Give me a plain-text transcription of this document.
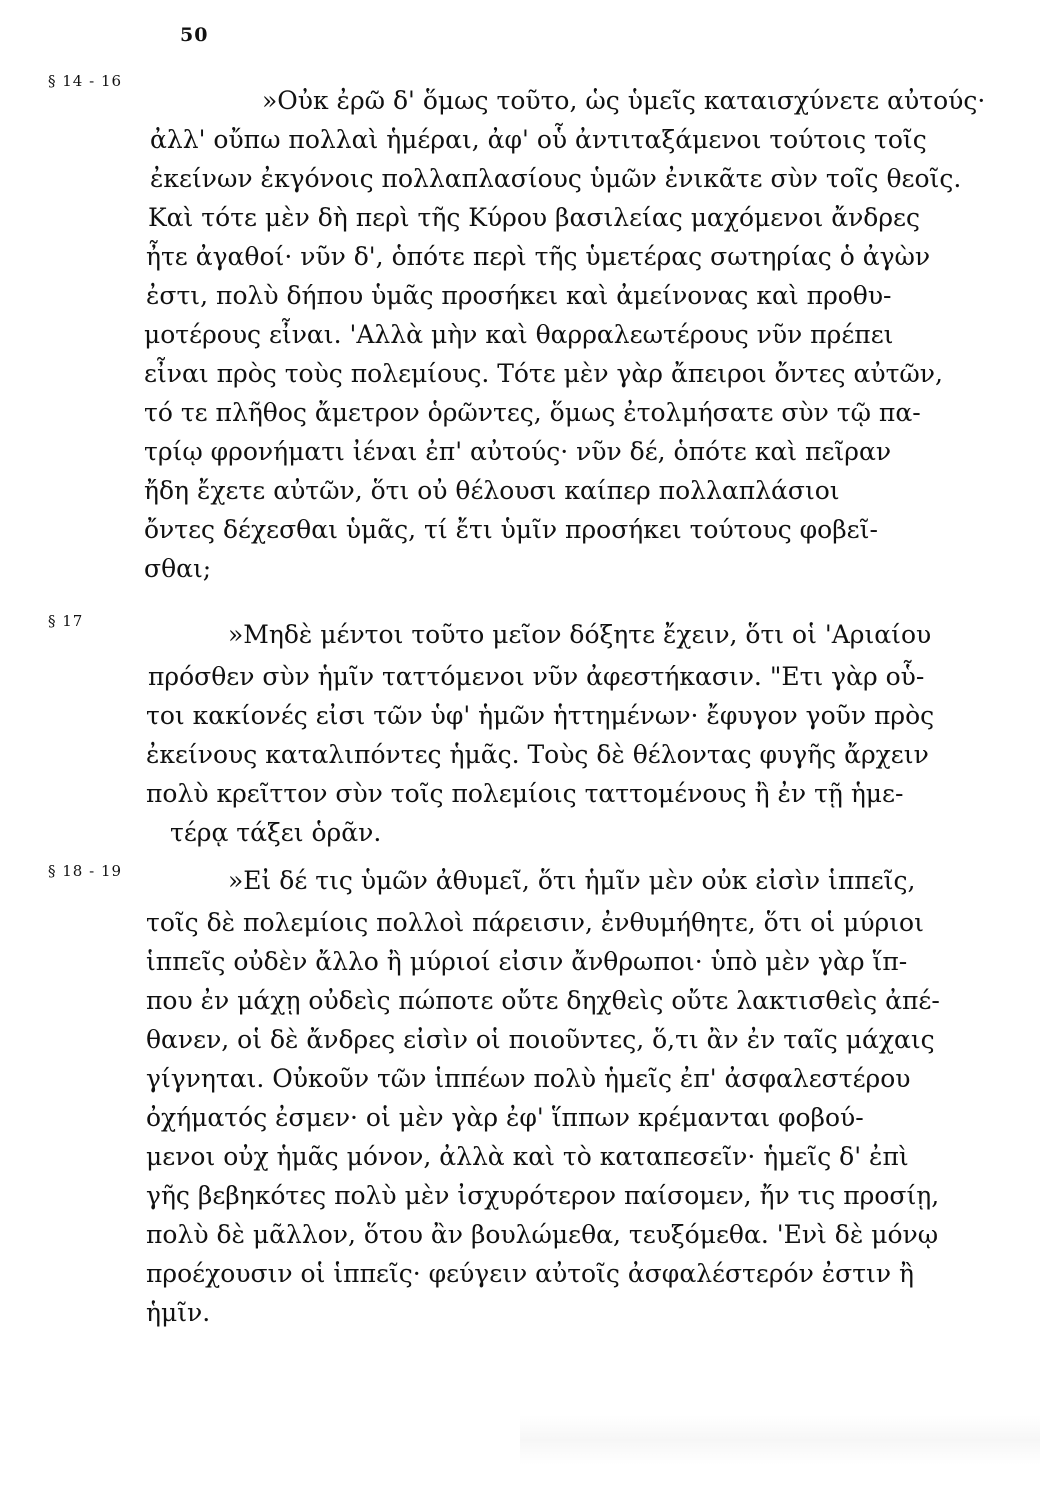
50
§ 14 - 16
»Οὐκ ἐρῶ δ' ὅμως τοῦτο, ὡς ὑμεῖς καταισχύνετε αὐτούς·
ἀλλ' οὔπω πολλαὶ ἡμέραι, ἀφ' οὗ ἀντιταξάμενοι τούτοις τοῖς
ἐκείνων ἐκγόνοις πολλαπλασίους ὑμῶν ἐνικᾶτε σὺν τοῖς θεοῖς.
Καὶ τότε μὲν δὴ περὶ τῆς Κύρου βασιλείας μαχόμενοι ἄνδρες
ἦτε ἀγαθοί· νῦν δ', ὁπότε περὶ τῆς ὑμετέρας σωτηρίας ὁ ἀγὼν
ἐστι, πολὺ δήπου ὑμᾶς προσήκει καὶ ἀμείνονας καὶ προθυ-
μοτέρους εἶναι. 'Αλλὰ μὴν καὶ θαρραλεωτέρους νῦν πρέπει
εἶναι πρὸς τοὺς πολεμίους. Τότε μὲν γὰρ ἄπειροι ὄντες αὐτῶν,
τό τε πλῆθος ἄμετρον ὁρῶντες, ὅμως ἐτολμήσατε σὺν τῷ πα-
τρίῳ φρονήματι ἰέναι ἐπ' αὐτούς· νῦν δέ, ὁπότε καὶ πεῖραν
ἤδη ἔχετε αὐτῶν, ὅτι οὐ θέλουσι καίπερ πολλαπλάσιοι
ὄντες δέχεσθαι ὑμᾶς, τί ἔτι ὑμῖν προσήκει τούτους φοβεῖ-
σθαι;
§ 17	»Μηδὲ μέντοι τοῦτο μεῖον δόξητε ἔχειν, ὅτι οἱ 'Αριαίου
πρόσθεν σὺν ἡμῖν ταττόμενοι νῦν ἀφεστήκασιν. "Ετι γὰρ οὗ-
τοι κακίονές εἰσι τῶν ὑφ' ἡμῶν ἡττημένων· ἔφυγον γοῦν πρὸς
ἐκείνους καταλιπόντες ἡμᾶς. Τοὺς δὲ θέλοντας φυγῆς ἄρχειν
πολὺ κρεῖττον σὺν τοῖς πολεμίοις ταττομένους ἢ ἐν τῇ ἡμε-
τέρᾳ τάξει ὁρᾶν.
§ 18 - 19	»Εἰ δέ τις ὑμῶν ἀθυμεῖ, ὅτι ἡμῖν μὲν οὐκ εἰσὶν ἱππεῖς,
τοῖς δὲ πολεμίοις πολλοὶ πάρεισιν, ἐνθυμήθητε, ὅτι οἱ μύριοι
ἱππεῖς οὐδὲν ἄλλο ἢ μύριοί εἰσιν ἄνθρωποι· ὑπὸ μὲν γὰρ ἵπ-
που ἐν μάχῃ οὐδεὶς πώποτε οὔτε δηχθεὶς οὔτε λακτισθεὶς ἀπέ-
θανεν, οἱ δὲ ἄνδρες εἰσὶν οἱ ποιοῦντες, ὅ,τι ἂν ἐν ταῖς μάχαις
γίγνηται. Οὐκοῦν τῶν ἱππέων πολὺ ἡμεῖς ἐπ' ἀσφαλεστέρου
ὀχήματός ἐσμεν· οἱ μὲν γὰρ ἐφ' ἵππων κρέμανται φοβού-
μενοι οὐχ ἡμᾶς μόνον, ἀλλὰ καὶ τὸ καταπεσεῖν· ἡμεῖς δ' ἐπὶ
γῆς βεβηκότες πολὺ μὲν ἰσχυρότερον παίσομεν, ἤν τις προσίῃ,
πολὺ δὲ μᾶλλον, ὅτου ἂν βουλώμεθα, τευξόμεθα. 'Ενὶ δὲ μόνῳ
προέχουσιν οἱ ἱππεῖς· φεύγειν αὐτοῖς ἀσφαλέστερόν ἐστιν ἢ
ἡμῖν.
